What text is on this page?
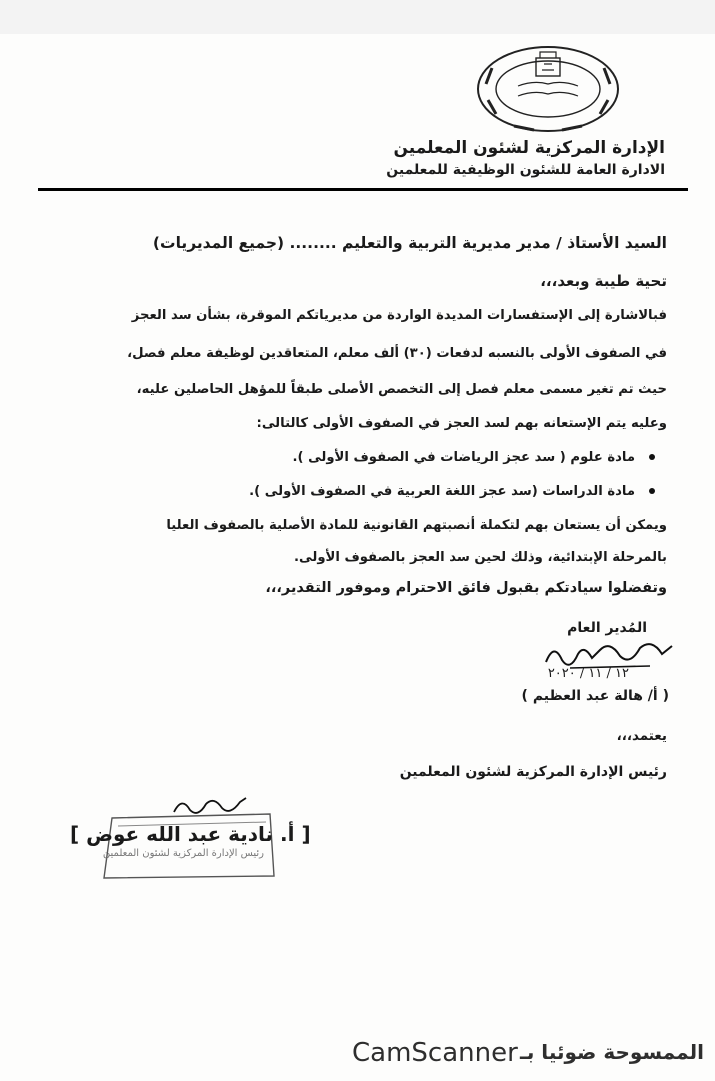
الإدارة المركزية لشئون المعلمين
الادارة العامة للشئون الوظيفية للمعلمين
السيد الأستاذ / مدير مديرية التربية والتعليم ........ (جميع المديريات)
تحية طيبة وبعد،،،
فبالاشارة إلى الإستفسارات المديدة الواردة من مديرياتكم الموقرة، بشأن سد العجز
في الصفوف الأولى بالنسبه لدفعات (٣٠) ألف معلم، المتعاقدين لوظيفة معلم فصل،
حيث تم تغير مسمى معلم فصل إلى التخصص الأصلى طبقاً للمؤهل الحاصلين عليه،
وعليه يتم الإستعانه بهم لسد العجز في الصفوف الأولى كالتالى:
مادة علوم ( سد عجز الرياضات في الصفوف الأولى ).
مادة الدراسات (سد عجز اللغة العربية في الصفوف الأولى ).
ويمكن أن يستعان بهم لتكملة أنصبتهم القانونية للمادة الأصلية بالصفوف العليا
بالمرحلة الإبتدائية، وذلك لحين سد العجز بالصفوف الأولى.
وتفضلوا سيادتكم بقبول فائق الاحترام وموفور التقدير،،،
المُدير العام
١٢ / ١١ / ٢٠٢٠
( أ/ هالة عبد العظيم )
يعتمد،،،
رئيس الإدارة المركزية لشئون المعلمين
[ أ. نادية عبد الله عوض ]
رئيس الإدارة المركزية لشئون المعلمين
CamScanner الممسوحة ضوئيا بـ
